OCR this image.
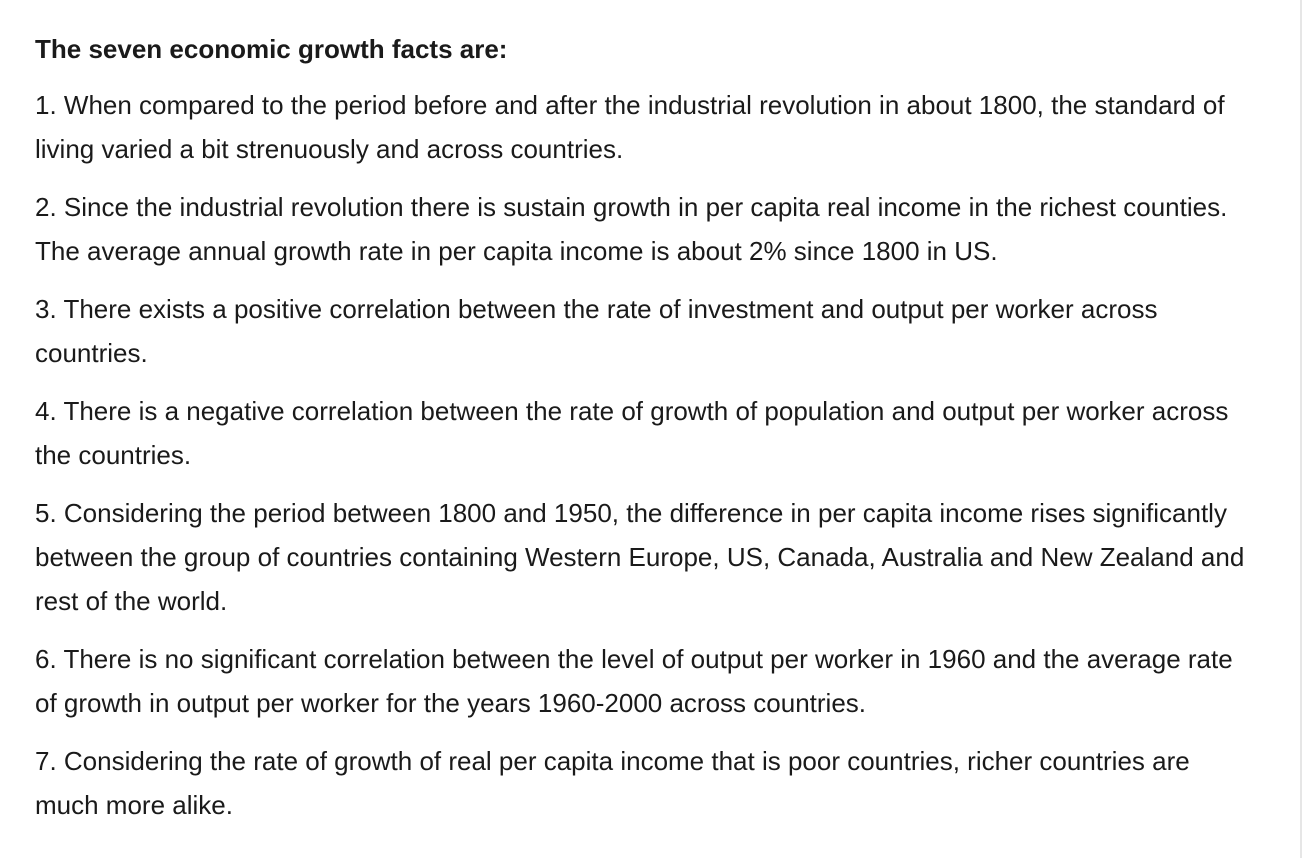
The seven economic growth facts are:

1. When compared to the period before and after the industrial revolution in about 1800, the standard of living varied a bit strenuously and across countries.

2. Since the industrial revolution there is sustain growth in per capita real income in the richest counties. The average annual growth rate in per capita income is about 2% since 1800 in US.

3. There exists a positive correlation between the rate of investment and output per worker across countries.

4. There is a negative correlation between the rate of growth of population and output per worker across the countries.

5. Considering the period between 1800 and 1950, the difference in per capita income rises significantly between the group of countries containing Western Europe, US, Canada, Australia and New Zealand and rest of the world.

6. There is no significant correlation between the level of output per worker in 1960 and the average rate of growth in output per worker for the years 1960-2000 across countries.

7. Considering the rate of growth of real per capita income that is poor countries, richer countries are much more alike.
